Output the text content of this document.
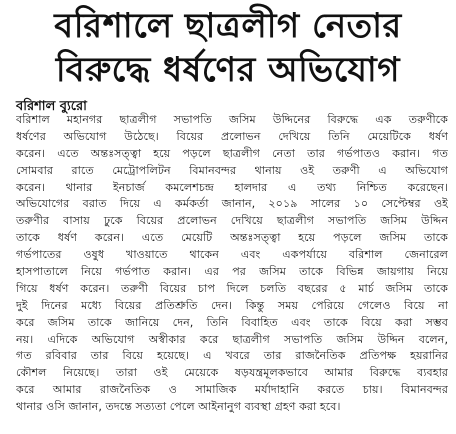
বরিশালে ছাত্রলীগ নেতার
বিরুদ্ধে ধর্ষণের অভিযোগ
বরিশাল ব্যুরো
বরিশাল মহানগর ছাত্রলীগ সভাপতি জসিম উদ্দিনের বিরুদ্ধে এক তরুণীকে
ধর্ষণের অভিযোগ উঠেছে। বিয়ের প্রলোভন দেখিয়ে তিনি মেয়েটিকে ধর্ষণ
করেন। এতে অন্তঃসত্ত্বা হয়ে পড়লে ছাত্রলীগ নেতা তার গর্ভপাতও করান। গত
সোমবার রাতে মেট্রোপলিটন বিমানবন্দর থানায় ওই তরুণী এ অভিযোগ
করেন। থানার ইনচার্জ কমলেশচন্দ্র হালদার এ তথ্য নিশ্চিত করেছেন।
অভিযোগের বরাত দিয়ে এ কর্মকর্তা জানান, ২০১৯ সালের ১০ সেপ্টেম্বর ওই
তরুণীর বাসায় ঢুকে বিয়ের প্রলোভন দেখিয়ে ছাত্রলীগ সভাপতি জসিম উদ্দিন
তাকে ধর্ষণ করেন। এতে মেয়েটি অন্তঃসত্ত্বা হয়ে পড়লে জসিম তাকে
গর্ভপাতের ওষুধ খাওয়াতে থাকেন এবং একপর্যায়ে বরিশাল জেনারেল
হাসপাতালে নিয়ে গর্ভপাত করান। এর পর জসিম তাকে বিভিন্ন জায়গায় নিয়ে
গিয়ে ধর্ষণ করেন। তরুণী বিয়ের চাপ দিলে চলতি বছরের ৫ মার্চ জসিম তাকে
দুই দিনের মধ্যে বিয়ের প্রতিশ্রুতি দেন। কিন্তু সময় পেরিয়ে গেলেও বিয়ে না
করে জসিম তাকে জানিয়ে দেন, তিনি বিবাহিত এবং তাকে বিয়ে করা সম্ভব
নয়। এদিকে অভিযোগ অস্বীকার করে ছাত্রলীগ সভাপতি জসিম উদ্দিন বলেন,
গত রবিবার তার বিয়ে হয়েছে। এ খবরে তার রাজনৈতিক প্রতিপক্ষ হয়রানির
কৌশল নিয়েছে। তারা ওই মেয়েকে ষড়যন্ত্রমূলকভাবে আমার বিরুদ্ধে ব্যবহার
করে আমার রাজনৈতিক ও সামাজিক মর্যাদাহানি করতে চায়। বিমানবন্দর
থানার ওসি জানান, তদন্তে সত্যতা পেলে আইনানুগ ব্যবস্থা গ্রহণ করা হবে।
